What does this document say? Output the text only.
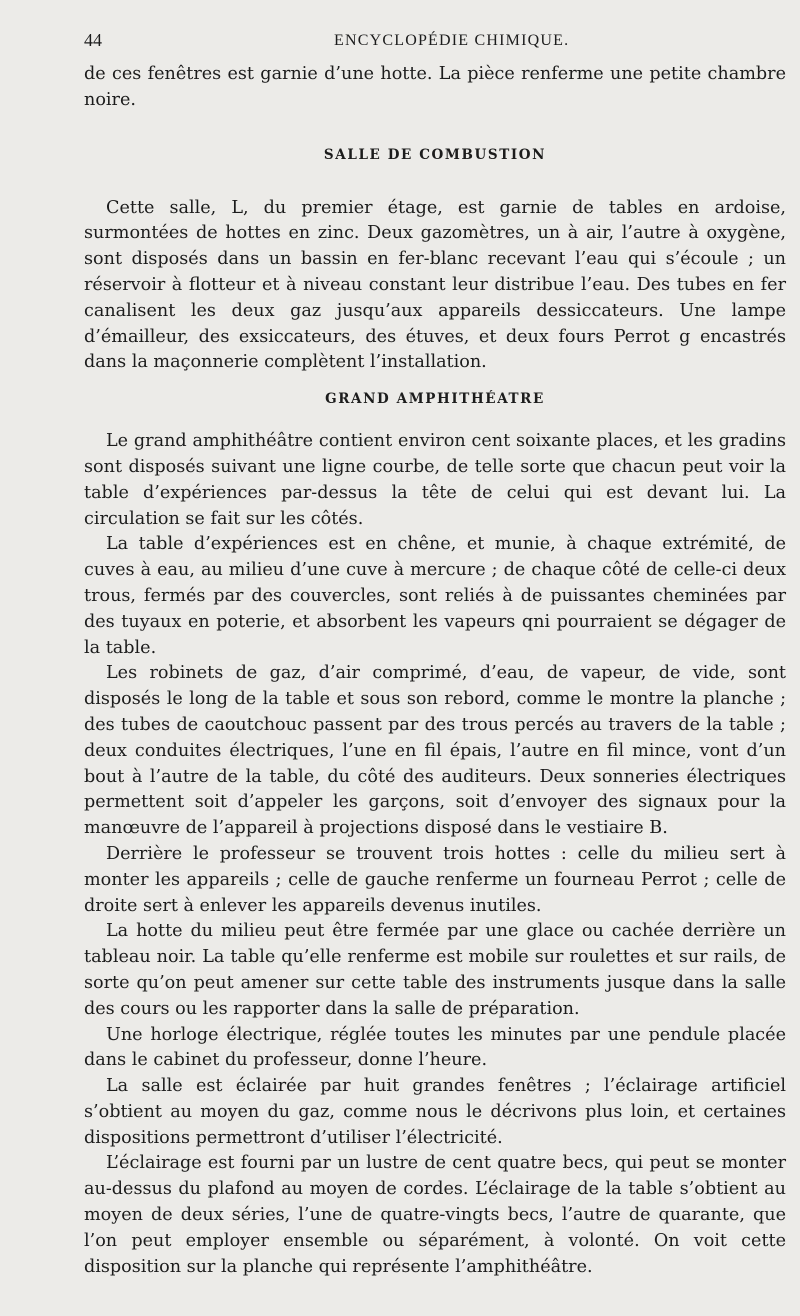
44	ENCYCLOPÉDIE CHIMIQUE.

de ces fenêtres est garnie d’une hotte. La pièce renferme une petite chambre noire.

SALLE DE COMBUSTION

Cette salle, L, du premier étage, est garnie de tables en ardoise, surmontées de hottes en zinc. Deux gazomètres, un à air, l’autre à oxygène, sont disposés dans un bassin en fer-blanc recevant l’eau qui s’écoule ; un réservoir à flotteur et à niveau constant leur distribue l’eau. Des tubes en fer canalisent les deux gaz jusqu’aux appareils dessiccateurs. Une lampe d’émailleur, des exsiccateurs, des étuves, et deux fours Perrot g encastrés dans la maçonnerie complètent l’installation.

GRAND AMPHITHÉATRE

Le grand amphithéâtre contient environ cent soixante places, et les gradins sont disposés suivant une ligne courbe, de telle sorte que chacun peut voir la table d’expériences par-dessus la tête de celui qui est devant lui. La circulation se fait sur les côtés.

La table d’expériences est en chêne, et munie, à chaque extrémité, de cuves à eau, au milieu d’une cuve à mercure ; de chaque côté de celle-ci deux trous, fermés par des couvercles, sont reliés à de puissantes cheminées par des tuyaux en poterie, et absorbent les vapeurs qni pourraient se dégager de la table.

Les robinets de gaz, d’air comprimé, d’eau, de vapeur, de vide, sont disposés le long de la table et sous son rebord, comme le montre la planche ; des tubes de caoutchouc passent par des trous percés au travers de la table ; deux conduites électriques, l’une en fil épais, l’autre en fil mince, vont d’un bout à l’autre de la table, du côté des auditeurs. Deux sonneries électriques permettent soit d’appeler les garçons, soit d’envoyer des signaux pour la manœuvre de l’appareil à projections disposé dans le vestiaire B.

Derrière le professeur se trouvent trois hottes : celle du milieu sert à monter les appareils ; celle de gauche renferme un fourneau Perrot ; celle de droite sert à enlever les appareils devenus inutiles.

La hotte du milieu peut être fermée par une glace ou cachée derrière un tableau noir. La table qu’elle renferme est mobile sur roulettes et sur rails, de sorte qu’on peut amener sur cette table des instruments jusque dans la salle des cours ou les rapporter dans la salle de préparation.

Une horloge électrique, réglée toutes les minutes par une pendule placée dans le cabinet du professeur, donne l’heure.

La salle est éclairée par huit grandes fenêtres ; l’éclairage artificiel s’obtient au moyen du gaz, comme nous le décrivons plus loin, et certaines dispositions permettront d’utiliser l’électricité.

L’éclairage est fourni par un lustre de cent quatre becs, qui peut se monter au-dessus du plafond au moyen de cordes. L’éclairage de la table s’obtient au moyen de deux séries, l’une de quatre-vingts becs, l’autre de quarante, que l’on peut employer ensemble ou séparément, à volonté. On voit cette disposition sur la planche qui représente l’amphithéâtre.
